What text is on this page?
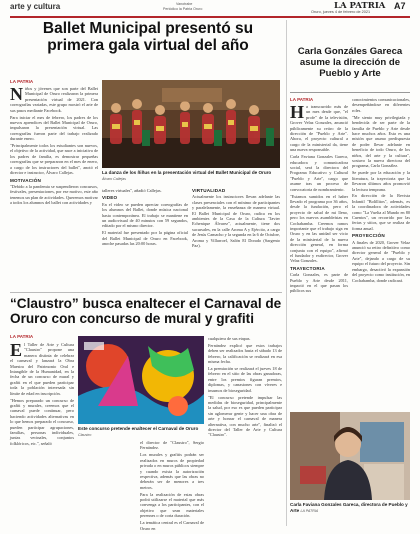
arte y cultura	Vanotrabe
Periódico la Patria Oruro	LA PATRIA A7
Oruro, jueves 4 de febrero de 2021
Ballet Municipal presentó su primera gala virtual del año
LA PATRIA

Niños y jóvenes que son parte del Ballet Municipal de Oruro realizaron la primera presentación virtual de 2021. Con coreografías variadas, este grupo mostró el arte de sus pasos mediante Facebook.

Para iniciar el mes de febrero, los padres de los nuevos aprendices del Ballet Municipal de Oruro, impulsaron la presentación virtual. Las coreografías fueron parte del trabajo realizado durante enero.

"Principalmente todos los estudiantes son nuevos, el objetivo de la actividad, que nace a iniciativa de los padres de familia, es demostrar pequeñas coreografías que se prepararon en el mes de enero, a cargo de los instructores del ballet", anotó el director e instructor, Álvaro Callejas.

MOTIVACIÓN

"Debido a la pandemia se suspendieron concursos, festivales, presentaciones, por ese motivo, este año tenemos un plan de actividades. Queremos motivar a todos los alumnos del ballet con actividades y

La danza de los ñiñus en la presentación virtual del Ballet Municipal de Oruro Álvaro Callejas

talleres virtuales", añadió Callejas.

VIDEO

En el video se pueden apreciar coreografías de los alumnos del Ballet, donde música nacional hasta contemporánea. El trabajo se mantiene en un audiovisual de 40 minutos con 59 segundos, editado por el mismo director.

El material fue presentado por la página oficial del Ballet Municipal de Oruro en Facebook, anoche pasadas las 20:00 horas.

VIRTUALIDAD

Actualmente los instructores llevan adelante las clases presenciales con el mínimo de participantes y paralelamente, la enseñanza de manera virtual. El Ballet Municipal de Oruro, radica en los ambientes de la Casa de la Cultura "Javier Echenique Álvarez", actualmente, tiene dos sucursales, en la calle Aroma A y Ejército, a cargo de Jesús Camacho y la segunda en la 6 de Octubre, Aroma y Villarroel, Salón El Dorado (Sargento Paz).

“Claustro” busca enaltecer el Carnaval de Oruro con concurso de mural y grafiti
LA PATRIA

El Taller de Arte y Cultura "Claustro" propone una manera distinta de celebrar el carnaval y lanzará la Obra Maestra del Patrimonio Oral e Intangible de la Humanidad, en la fecha de un concurso de mural y grafiti en el que pueden participar toda la población interesada sin límite de edad en inscripción.

"Hemos preparado un concurso de grafiti y murales, creemos que el carnaval puede continuar, pero haciendo actividades alternativas en lo que hemos preparado el concurso, pueden participar agrupaciones, familias, personas individuales, juntas vecinales, conjuntos folklóricos, etc.", señaló

Este concurso pretende enaltecer el Carnaval de Oruro Claustro

el director de "Claustro", Sergio Fernández.

Los murales y grafitis podrán ser realizados en muros de propiedad privada o en muros públicos siempre y cuando exista la autorización respectiva, además que las obras no deberán ser de menores a tres metros.

Para la realización de estas obras podrá utilizarse el material que más convenga a los participantes, con el objetivo que sean materiales perennes o de corta duración.

La temática central es el Carnaval de Oruro en

cualquiera de sus etapas.

Fernández explicó que estos trabajos deben ser realizados hasta el sábado 13 de febrero, la calificación se realizará en esa misma fecha.

La premiación se realizará el jueves 18 de febrero en el sitio de las obras ganadoras, entre los premios figuran premios, diplomas, y canastones con víveres e insumos de bioseguridad.

"El concurso pretende impulsar las medidas de bioseguridad, principalmente la salud, por eso es que pueden participar sin aglomerar gente y hacer una obra de arte y honrar el carnaval de manera alternativa, con mucho arte", finalizó el director del Taller de Arte y Cultura "Claustro".

Carla Gonzáles Gareca asume la dirección de Pueblo y Arte
LA PATRIA

Ha transcurrido más de un mes desde que, "el profe" de la televisión, Grover Velaz Gonzales, anunció públicamente su retiro de la dirección de "Pueblo y Arte". Ahora, el proyecto cultural a cargo de la ministerial da, tiene una nueva responsable.

Carla Faviana Gonzales Gareca, educadora y comunicadora social, será la directora del Programa Educativo y Cultural "Pueblo y Arte", cargo que asume tras un proceso de convocatoria de nombramiento.

"Estamos sumidos en el haber llevado el programa por 36 años, desde la fundación, pero el proyecto de salud de mi lleno, pero los nuevos asambleístas en Cochabamba. Creemos ramos importante que el trabajo siga en Oruro y en las unidad ser vicio de la ministerial de la nueva dirección general, en forma conjunta con el equipo", afirmó el fundador y exdirector, Grover Velaz Gonzales.

TRAYECTORIA

Carla Gonzales, es parte de Pueblo y Arte desde 2011, impactó en el que pasan los públicos sus

conocimientos comunicacionales, desempeñándose en diferentes roles.

"Me siento muy privilegiada y bendecida de ser parte de la familia de Pueblo y Arte desde hace muchos años. Esta es una misión que asumo predispuesta de poder llevar adelante en beneficio de todo Oruro, de los niños, del arte y la cultura", sostuvo la nueva directora del programa, Carla González.

Se puede por la educación y la literatura, la trayectoria que la llevaron últimos años promovió la lectura temprana.

En dirección de la Revista Infantil "Bolillitos", además, es la coordinadora de actividades como "La Vuelta al Mundo en 80 Cuentos", un recorrido por las ferias y sitios, que se realiza de forma anual.

PROYECCIÓN

A finales de 2020, Grover Velaz anunció su retiro definitivo como director general de "Pueblo y Arte", dejando a cargo de su equipo el futuro del proyecto. Sin embargo, desactivó la expansión del proyecto como institución, en Cochabamba, donde radicará.

Carla Faviana Gonzales Gareca, directora de Pueblo y Arte LA PATRIA
